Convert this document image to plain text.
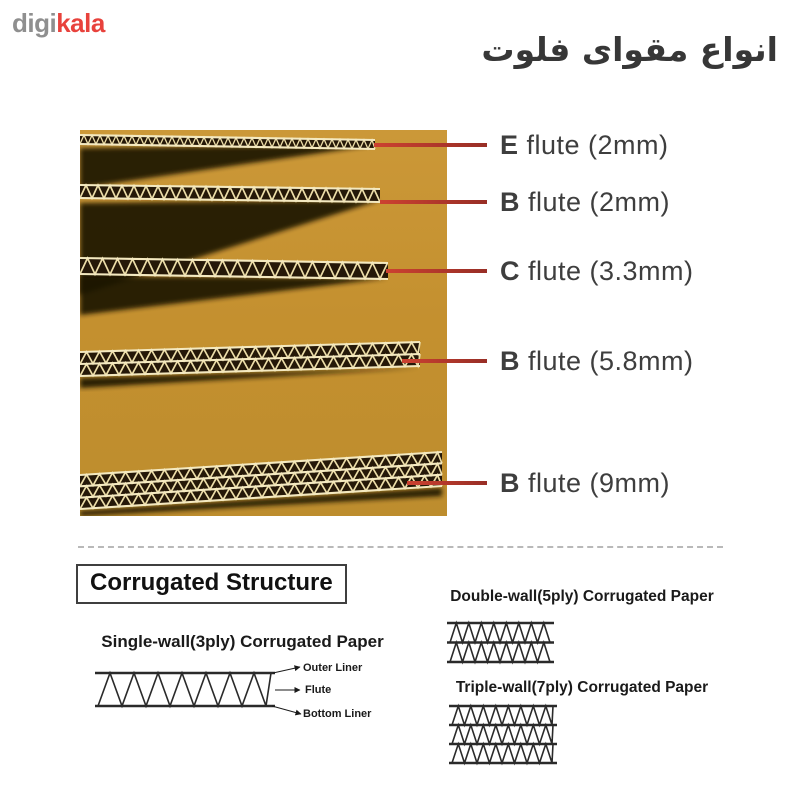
digikala
انواع مقوای فلوت
E flute (2mm)
B flute (2mm)
C flute (3.3mm)
B flute (5.8mm)
B flute (9mm)
Corrugated Structure
Single-wall(3ply) Corrugated Paper
Outer Liner
Flute
Bottom Liner
Double-wall(5ply) Corrugated Paper
Triple-wall(7ply) Corrugated Paper
